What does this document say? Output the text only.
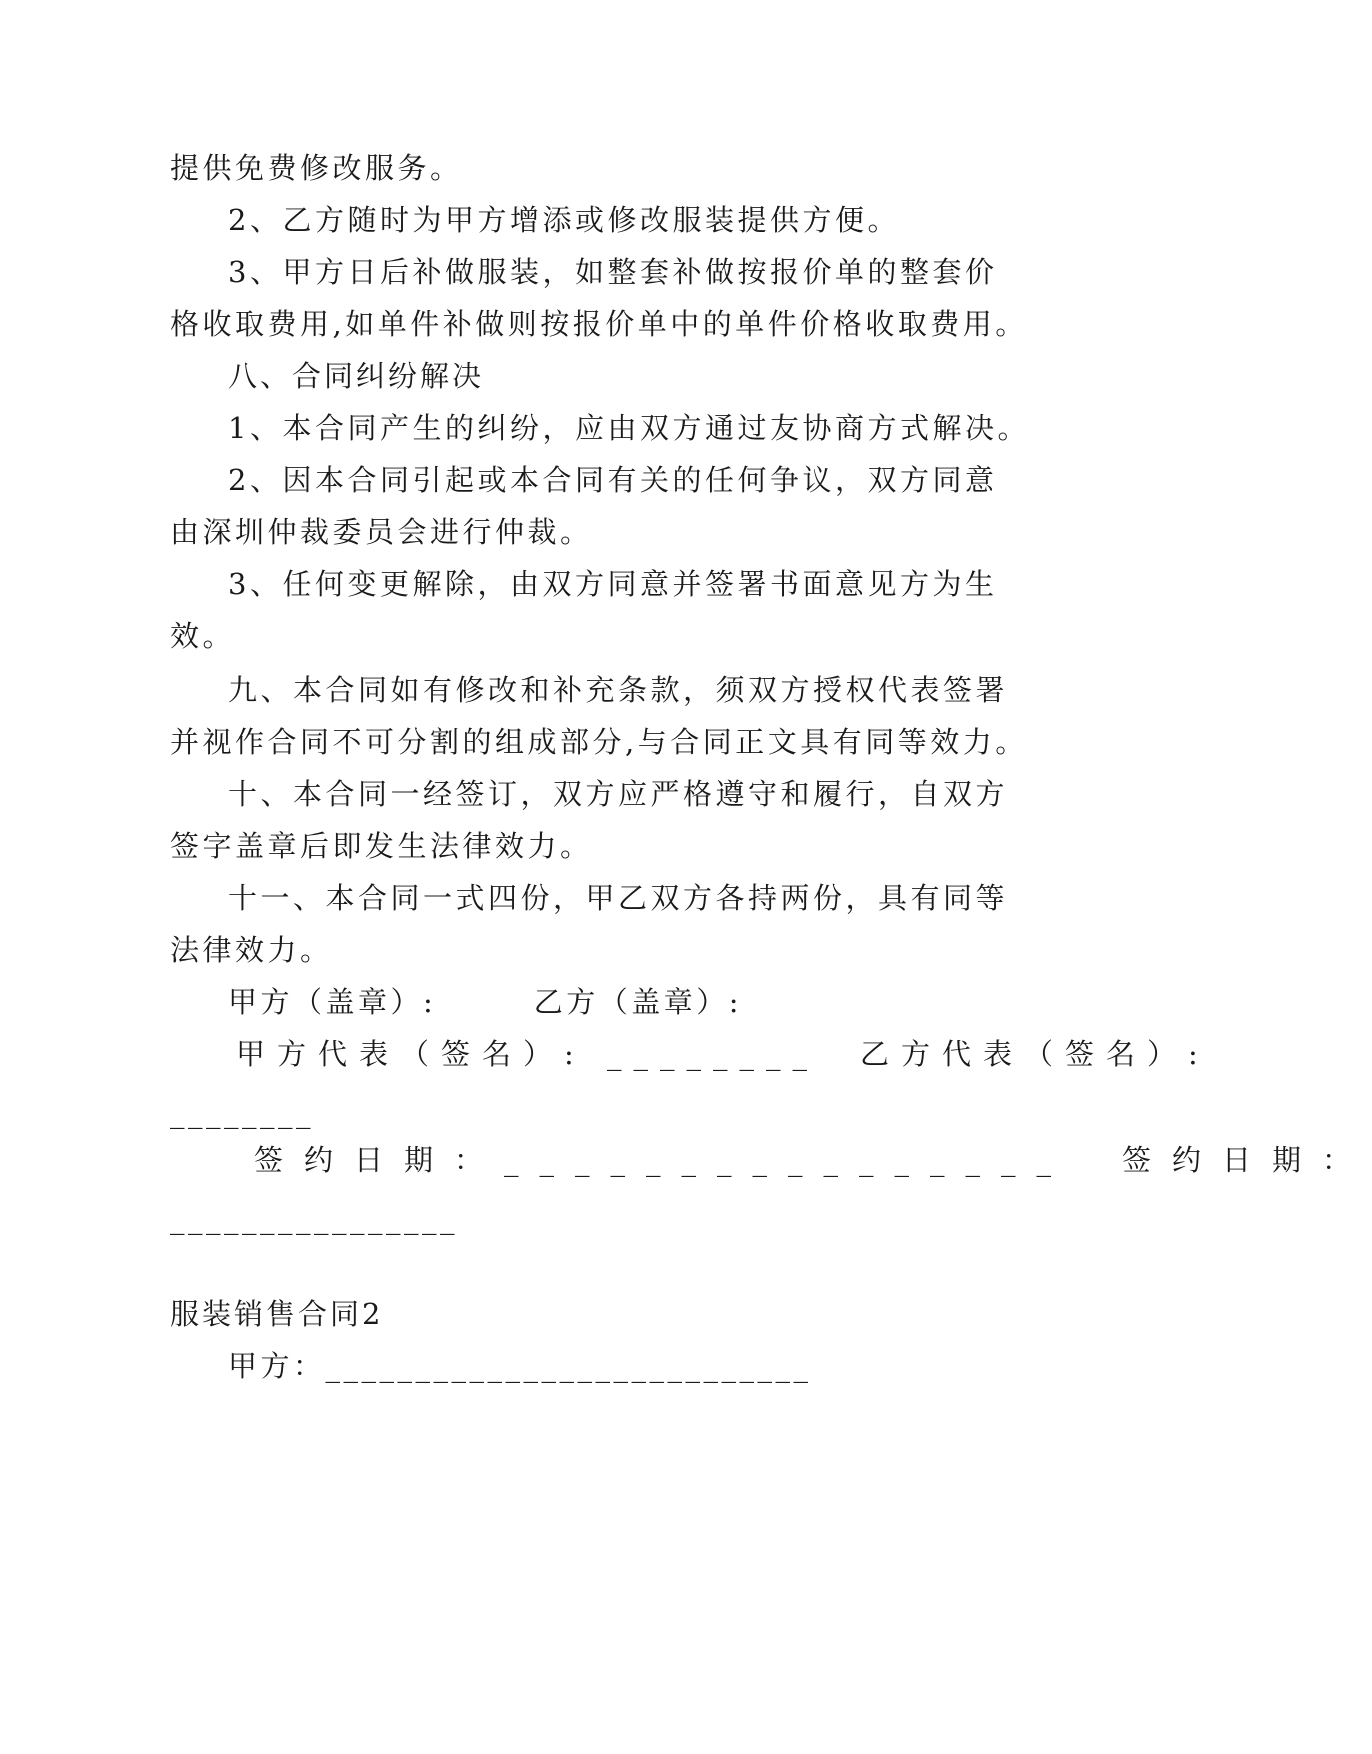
提供免费修改服务。
2、乙方随时为甲方增添或修改服装提供方便。
3、甲方日后补做服装，如整套补做按报价单的整套价
格收取费用,如单件补做则按报价单中的单件价格收取费用。
八、合同纠纷解决
1、本合同产生的纠纷，应由双方通过友协商方式解决。
2、因本合同引起或本合同有关的任何争议，双方同意
由深圳仲裁委员会进行仲裁。
3、任何变更解除，由双方同意并签署书面意见方为生
效。
九、本合同如有修改和补充条款，须双方授权代表签署
并视作合同不可分割的组成部分,与合同正文具有同等效力。
十、本合同一经签订，双方应严格遵守和履行，自双方
签字盖章后即发生法律效力。
十一、本合同一式四份，甲乙双方各持两份，具有同等
法律效力。
甲方（盖章）:　　　乙方（盖章）:
甲方代表（签名）: ________　乙方代表（签名）:
________
签约日期：________________　签约日期：
________________
服装销售合同2
甲方：___________________________
